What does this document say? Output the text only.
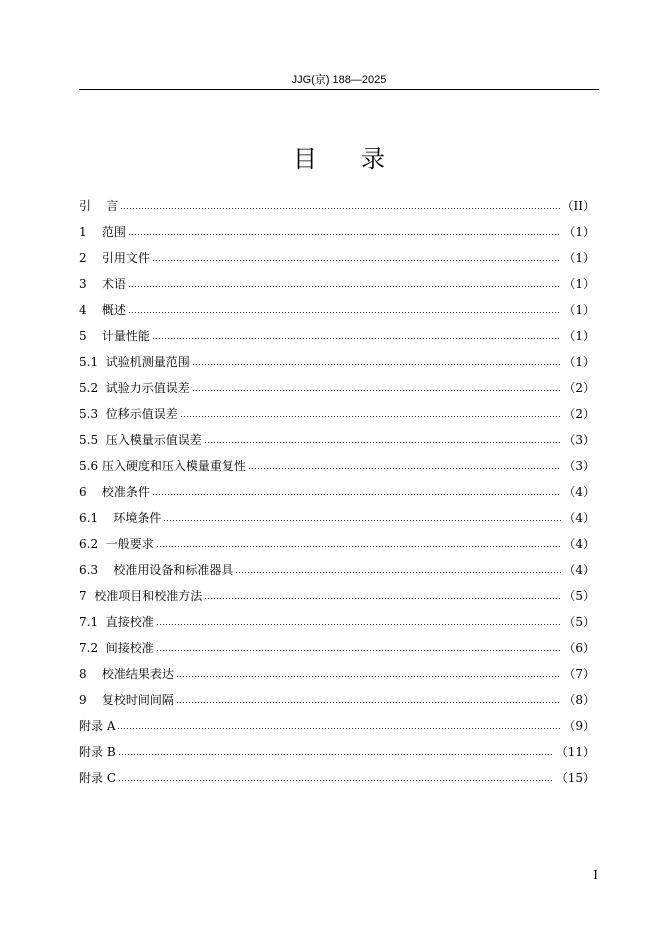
JJG(京) 188—2025
目 录
引    言	（II）
1    范围	（1）
2    引用文件	（1）
3    术语	（1）
4    概述	（1）
5    计量性能	（1）
5.1  试验机测量范围	（1）
5.2  试验力示值误差	（2）
5.3  位移示值误差	（2）
5.5  压入模量示值误差	（3）
5.6 压入硬度和压入模量重复性	（3）
6    校准条件	（4）
6.1    环境条件	（4）
6.2  一般要求	（4）
6.3    校准用设备和标准器具	（4）
7  校准项目和校准方法	（5）
7.1  直接校准	（5）
7.2  间接校准	（6）
8    校准结果表达	（7）
9    复校时间间隔	（8）
附录 A	（9）
附录 B	（11）
附录 C	（15）
I
